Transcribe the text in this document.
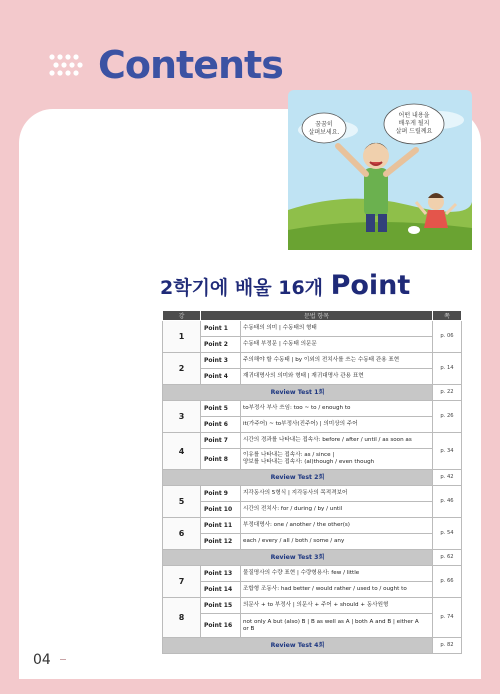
Contents
꿈꿈히
살펴보세요.
어떤 내용을
배우게 될지
살펴 드릴께요
2학기에 배울 16개 Point
강	문법 항목		쪽
1	Point 1	수동태의 의미 | 수동태의 형태	p. 06
	Point 2	수동태 부정문 | 수동태 의문문	
2	Point 3	주의해야 할 수동태 | by 이외의 전치사를 쓰는 수동태 관용 표현	p. 14
	Point 4	재귀대명사의 의미와 형태 | 재귀대명사 관용 표현	
Review Test 1회			p. 22
3	Point 5	to부정사 부사 쓰임: too ~ to / enough to	p. 26
	Point 6	it(가주어) ~ to부정사(진주어) | 의미상의 주어	
4	Point 7	시간의 경과를 나타내는 접속사: before / after / until / as soon as	p. 34
	Point 8	이유를 나타내는 접속사: as / since |
양보를 나타내는 접속사: (al)though / even though	
Review Test 2회			p. 42
5	Point 9	지각동사의 5형식 | 지각동사의 목적격보어	p. 46
	Point 10	시간의 전치사: for / during / by / until	
6	Point 11	부정대명사: one / another / the other(s)	p. 54
	Point 12	each / every / all / both / some / any	
Review Test 3회			p. 62
7	Point 13	물질명사의 수량 표현 | 수량형용사: few / little	p. 66
	Point 14	조합형 조동사: had better / would rather / used to / ought to	
8	Point 15	의문사 + to 부정사 | 의문사 + 주어 + should + 동사원형	p. 74
	Point 16	not only A but (also) B | B as well as A | both A and B | either A
or B	
Review Test 4회			p. 82
04
